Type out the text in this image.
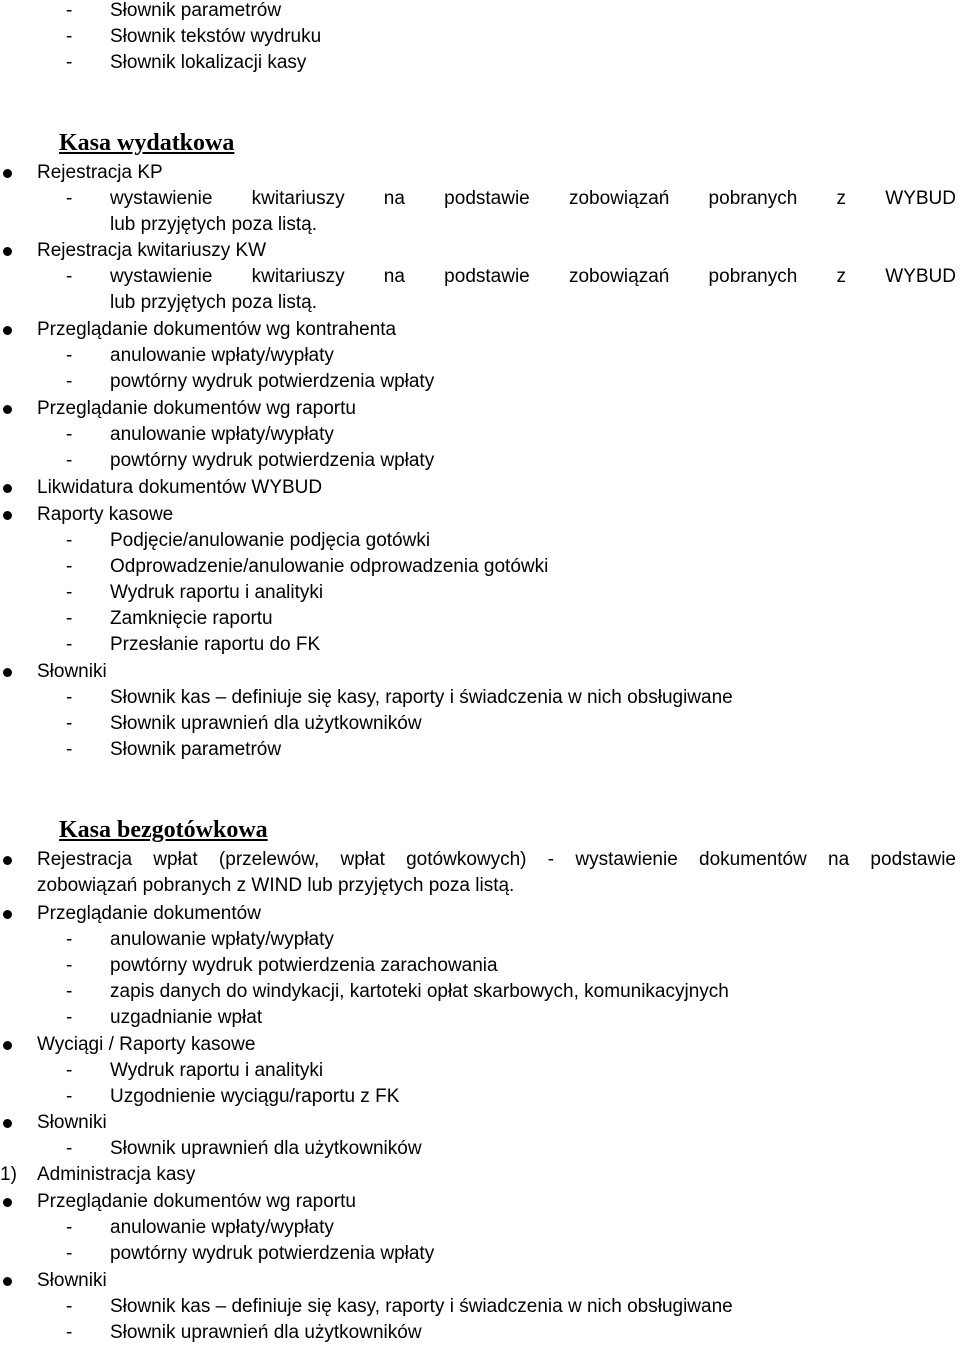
- Słownik parametrów
- Słownik tekstów wydruku
- Słownik lokalizacji kasy
Kasa wydatkowa
Rejestracja KP
- wystawienie kwitariuszy na podstawie zobowiązań pobranych z WYBUD
lub przyjętych poza listą.
Rejestracja kwitariuszy KW
- wystawienie kwitariuszy na podstawie zobowiązań pobranych z WYBUD
lub przyjętych poza listą.
Przeglądanie dokumentów wg kontrahenta
- anulowanie wpłaty/wypłaty
- powtórny wydruk potwierdzenia wpłaty
Przeglądanie dokumentów wg raportu
- anulowanie wpłaty/wypłaty
- powtórny wydruk potwierdzenia wpłaty
Likwidatura dokumentów WYBUD
Raporty kasowe
- Podjęcie/anulowanie podjęcia gotówki
- Odprowadzenie/anulowanie odprowadzenia gotówki
- Wydruk raportu i analityki
- Zamknięcie raportu
- Przesłanie raportu do FK
Słowniki
- Słownik kas – definiuje się kasy, raporty i świadczenia w nich obsługiwane
- Słownik uprawnień dla użytkowników
- Słownik parametrów
Kasa bezgotówkowa
Rejestracja wpłat (przelewów, wpłat gotówkowych) - wystawienie dokumentów na podstawie
zobowiązań pobranych z WIND lub przyjętych poza listą.
Przeglądanie dokumentów
- anulowanie wpłaty/wypłaty
- powtórny wydruk potwierdzenia zarachowania
- zapis danych do windykacji, kartoteki opłat skarbowych, komunikacyjnych
- uzgadnianie wpłat
Wyciągi / Raporty kasowe
- Wydruk raportu i analityki
- Uzgodnienie wyciągu/raportu z FK
Słowniki
- Słownik uprawnień dla użytkowników
1) Administracja kasy
Przeglądanie dokumentów wg raportu
- anulowanie wpłaty/wypłaty
- powtórny wydruk potwierdzenia wpłaty
Słowniki
- Słownik kas – definiuje się kasy, raporty i świadczenia w nich obsługiwane
- Słownik uprawnień dla użytkowników
